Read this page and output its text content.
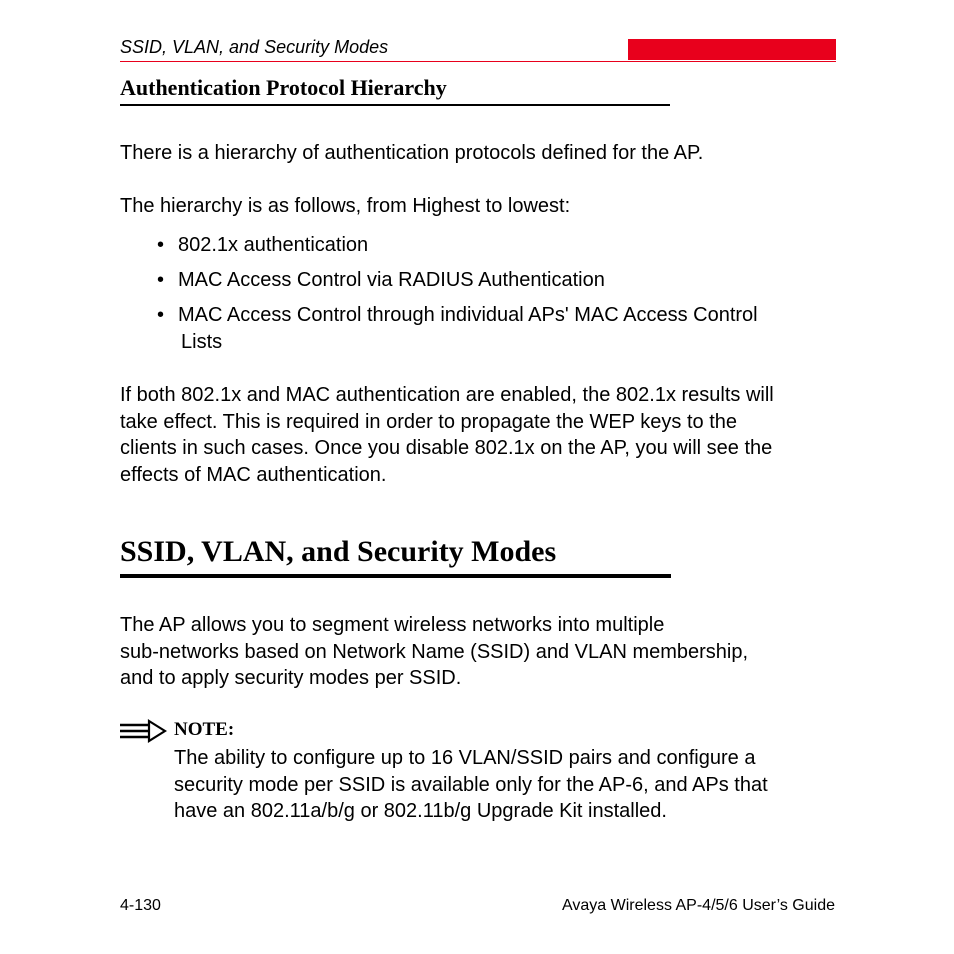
SSID, VLAN, and Security Modes
Authentication Protocol Hierarchy
There is a hierarchy of authentication protocols defined for the AP.
The hierarchy is as follows, from Highest to lowest:
• 802.1x authentication
• MAC Access Control via RADIUS Authentication
• MAC Access Control through individual APs' MAC Access Control
Lists
If both 802.1x and MAC authentication are enabled, the 802.1x results will
take effect. This is required in order to propagate the WEP keys to the
clients in such cases. Once you disable 802.1x on the AP, you will see the
effects of MAC authentication.
SSID, VLAN, and Security Modes
The AP allows you to segment wireless networks into multiple
sub-networks based on Network Name (SSID) and VLAN membership,
and to apply security modes per SSID.
NOTE:
The ability to configure up to 16 VLAN/SSID pairs and configure a
security mode per SSID is available only for the AP-6, and APs that
have an 802.11a/b/g or 802.11b/g Upgrade Kit installed.
4-130	Avaya Wireless AP-4/5/6 User’s Guide
